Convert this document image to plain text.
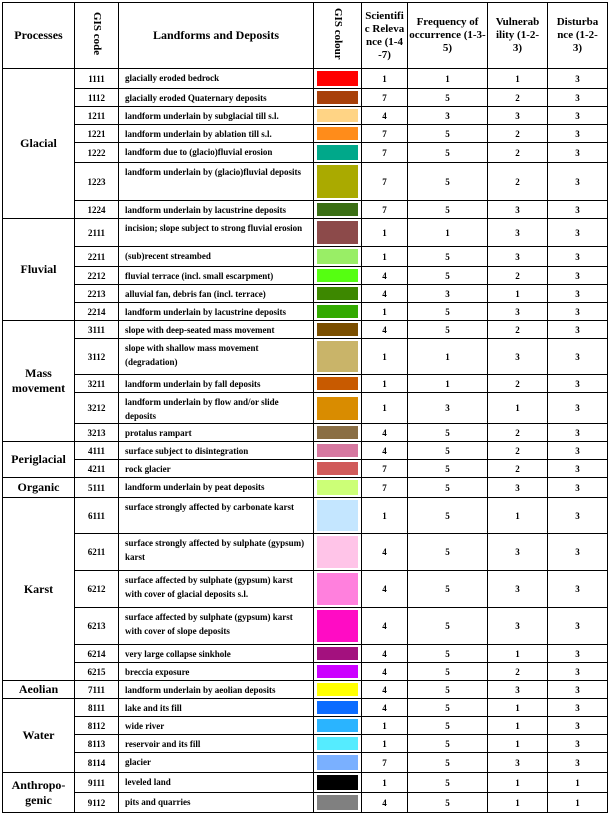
Processes	GIS code	Landforms and Deposits	GIS colour	Scientific Relevance (1-4-7)	Frequency of occurrence (1-3-5)	Vulnerability (1-2-3)	Disturbance (1-2-3)

Glacial	1111	glacially eroded bedrock		1	1	1	3
	1112	glacially eroded Quaternary deposits		7	5	2	3
	1211	landform underlain by subglacial till s.l.		4	3	3	3
	1221	landform underlain by ablation till s.l.		7	5	2	3
	1222	landform due to (glacio)fluvial erosion		7	5	2	3
	1223	landform underlain by (glacio)fluvial deposits		7	5	2	3
	1224	landform underlain by lacustrine deposits		7	5	3	3
Fluvial	2111	incision; slope subject to strong fluvial erosion		1	1	3	3
	2211	(sub)recent streambed		1	5	3	3
	2212	fluvial terrace (incl. small escarpment)		4	5	2	3
	2213	alluvial fan, debris fan (incl. terrace)		4	3	1	3
	2214	landform underlain by lacustrine deposits		1	5	3	3
Mass movement	3111	slope with deep-seated mass movement		4	5	2	3
	3112	slope with shallow mass movement (degradation)		1	1	3	3
	3211	landform underlain by fall deposits		1	1	2	3
	3212	landform underlain by flow and/or slide deposits		1	3	1	3
	3213	protalus rampart		4	5	2	3
Periglacial	4111	surface subject to disintegration		4	5	2	3
	4211	rock glacier		7	5	2	3
Organic	5111	landform underlain by peat deposits		7	5	3	3
Karst	6111	surface strongly affected by carbonate karst		1	5	1	3
	6211	surface strongly affected by sulphate (gypsum) karst		4	5	3	3
	6212	surface affected by sulphate (gypsum) karst with cover of glacial deposits s.l.		4	5	3	3
	6213	surface affected by sulphate (gypsum) karst with cover of slope deposits		4	5	3	3
	6214	very large collapse sinkhole		4	5	1	3
	6215	breccia exposure		4	5	2	3
Aeolian	7111	landform underlain by aeolian deposits		4	5	3	3
Water	8111	lake and its fill		4	5	1	3
	8112	wide river		1	5	1	3
	8113	reservoir and its fill		1	5	1	3
	8114	glacier		7	5	3	3
Anthropo-genic	9111	leveled land		1	5	1	1
	9112	pits and quarries		4	5	1	1
